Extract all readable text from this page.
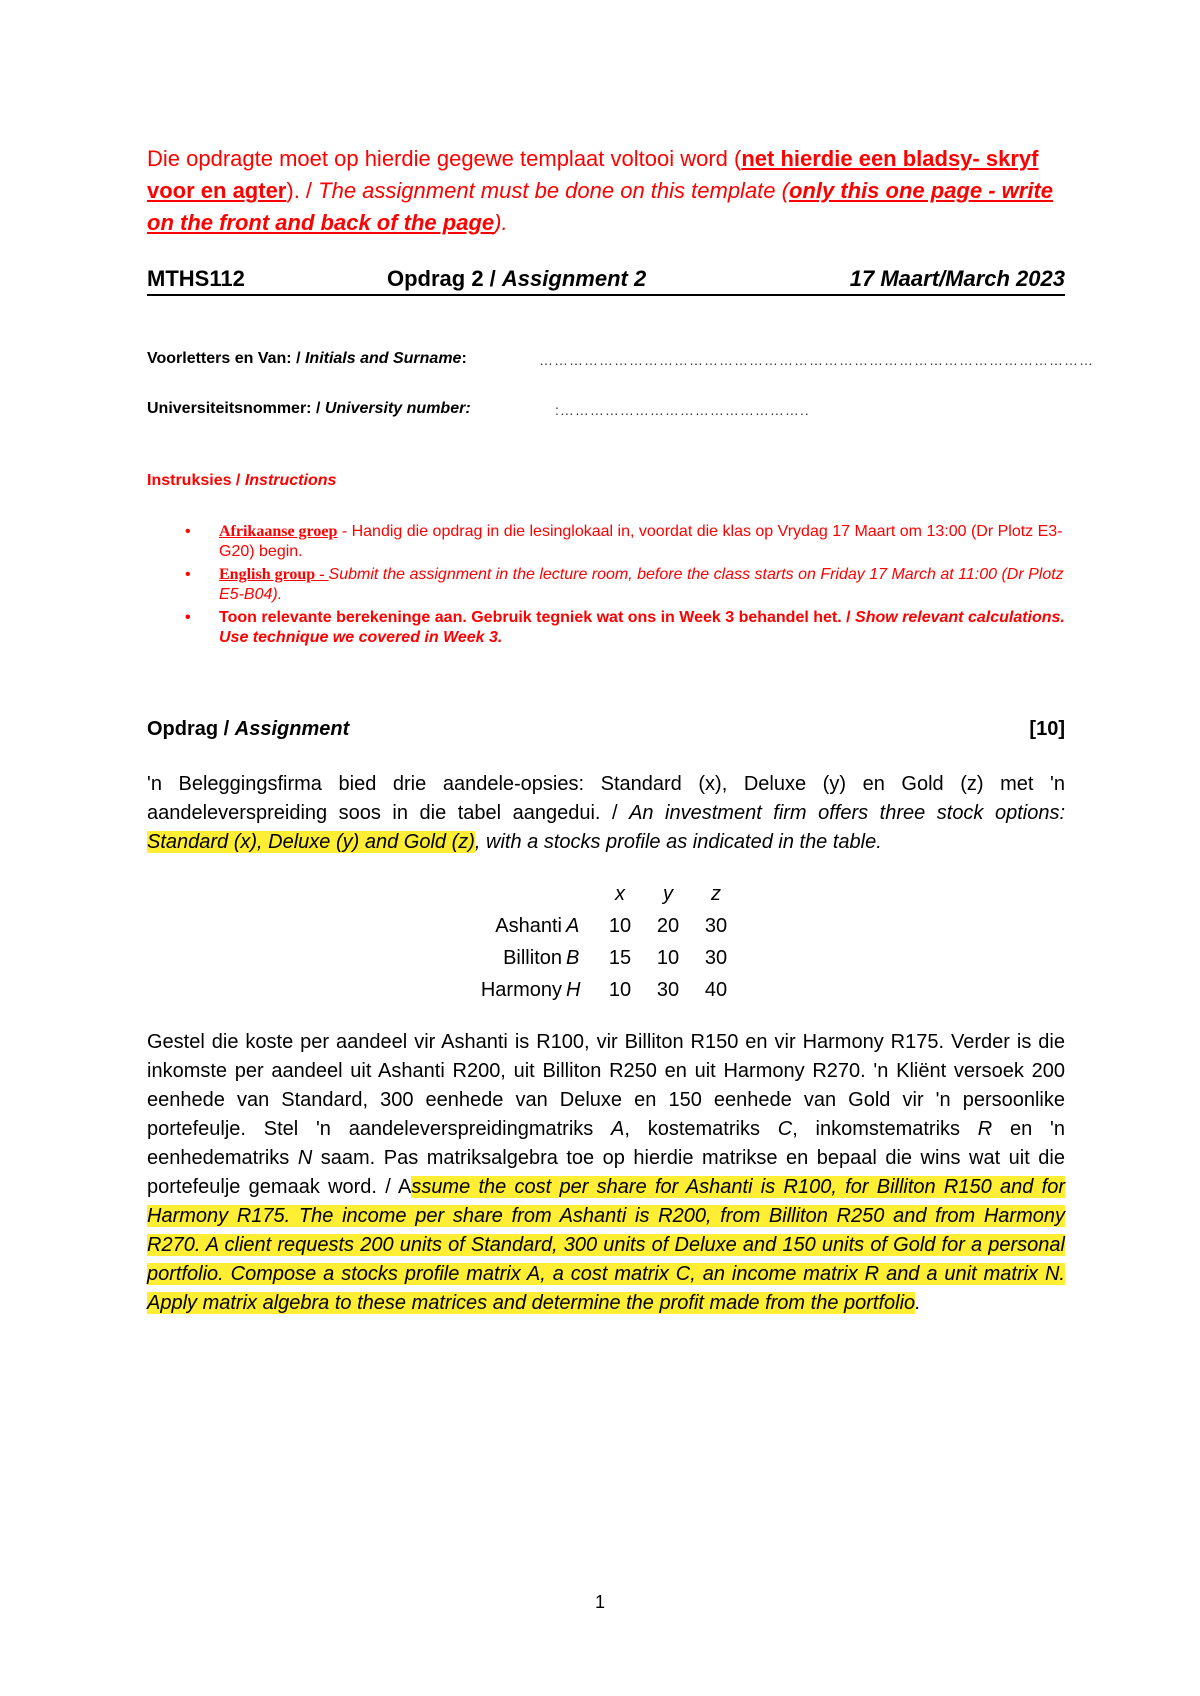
Die opdragte moet op hierdie gegewe templaat voltooi word (net hierdie een bladsy- skryf voor en agter). / The assignment must be done on this template (only this one page - write on the front and back of the page).
MTHS112	Opdrag 2 / Assignment 2	17 Maart/March 2023
Voorletters en Van: / Initials and Surname:	…………………………………………………………………………………………………
Universiteitsnommer: / University number:	:…………………………………………..
Instruksies / Instructions
• Afrikaanse groep - Handig die opdrag in die lesinglokaal in, voordat die klas op Vrydag 17 Maart om 13:00 (Dr Plotz E3-G20) begin.
• English group - Submit the assignment in the lecture room, before the class starts on Friday 17 March at 11:00 (Dr Plotz E5-B04).
• Toon relevante berekeninge aan. Gebruik tegniek wat ons in Week 3 behandel het. / Show relevant calculations. Use technique we covered in Week 3.
Opdrag / Assignment	[10]
'n Beleggingsfirma bied drie aandele-opsies: Standard (x), Deluxe (y) en Gold (z) met 'n aandeleverspreiding soos in die tabel aangedui. / An investment firm offers three stock options: Standard (x), Deluxe (y) and Gold (z), with a stocks profile as indicated in the table.
		x	y	z
Ashanti	A	10	20	30
Billiton	B	15	10	30
Harmony	H	10	30	40
Gestel die koste per aandeel vir Ashanti is R100, vir Billiton R150 en vir Harmony R175. Verder is die inkomste per aandeel uit Ashanti R200, uit Billiton R250 en uit Harmony R270. 'n Kliënt versoek 200 eenhede van Standard, 300 eenhede van Deluxe en 150 eenhede van Gold vir 'n persoonlike portefeulje. Stel 'n aandeleverspreidingmatriks A, kostematriks C, inkomstematriks R en 'n eenhedematriks N saam. Pas matriksalgebra toe op hierdie matrikse en bepaal die wins wat uit die portefeulje gemaak word. / Assume the cost per share for Ashanti is R100, for Billiton R150 and for Harmony R175. The income per share from Ashanti is R200, from Billiton R250 and from Harmony R270. A client requests 200 units of Standard, 300 units of Deluxe and 150 units of Gold for a personal portfolio. Compose a stocks profile matrix A, a cost matrix C, an income matrix R and a unit matrix N. Apply matrix algebra to these matrices and determine the profit made from the portfolio.
1
